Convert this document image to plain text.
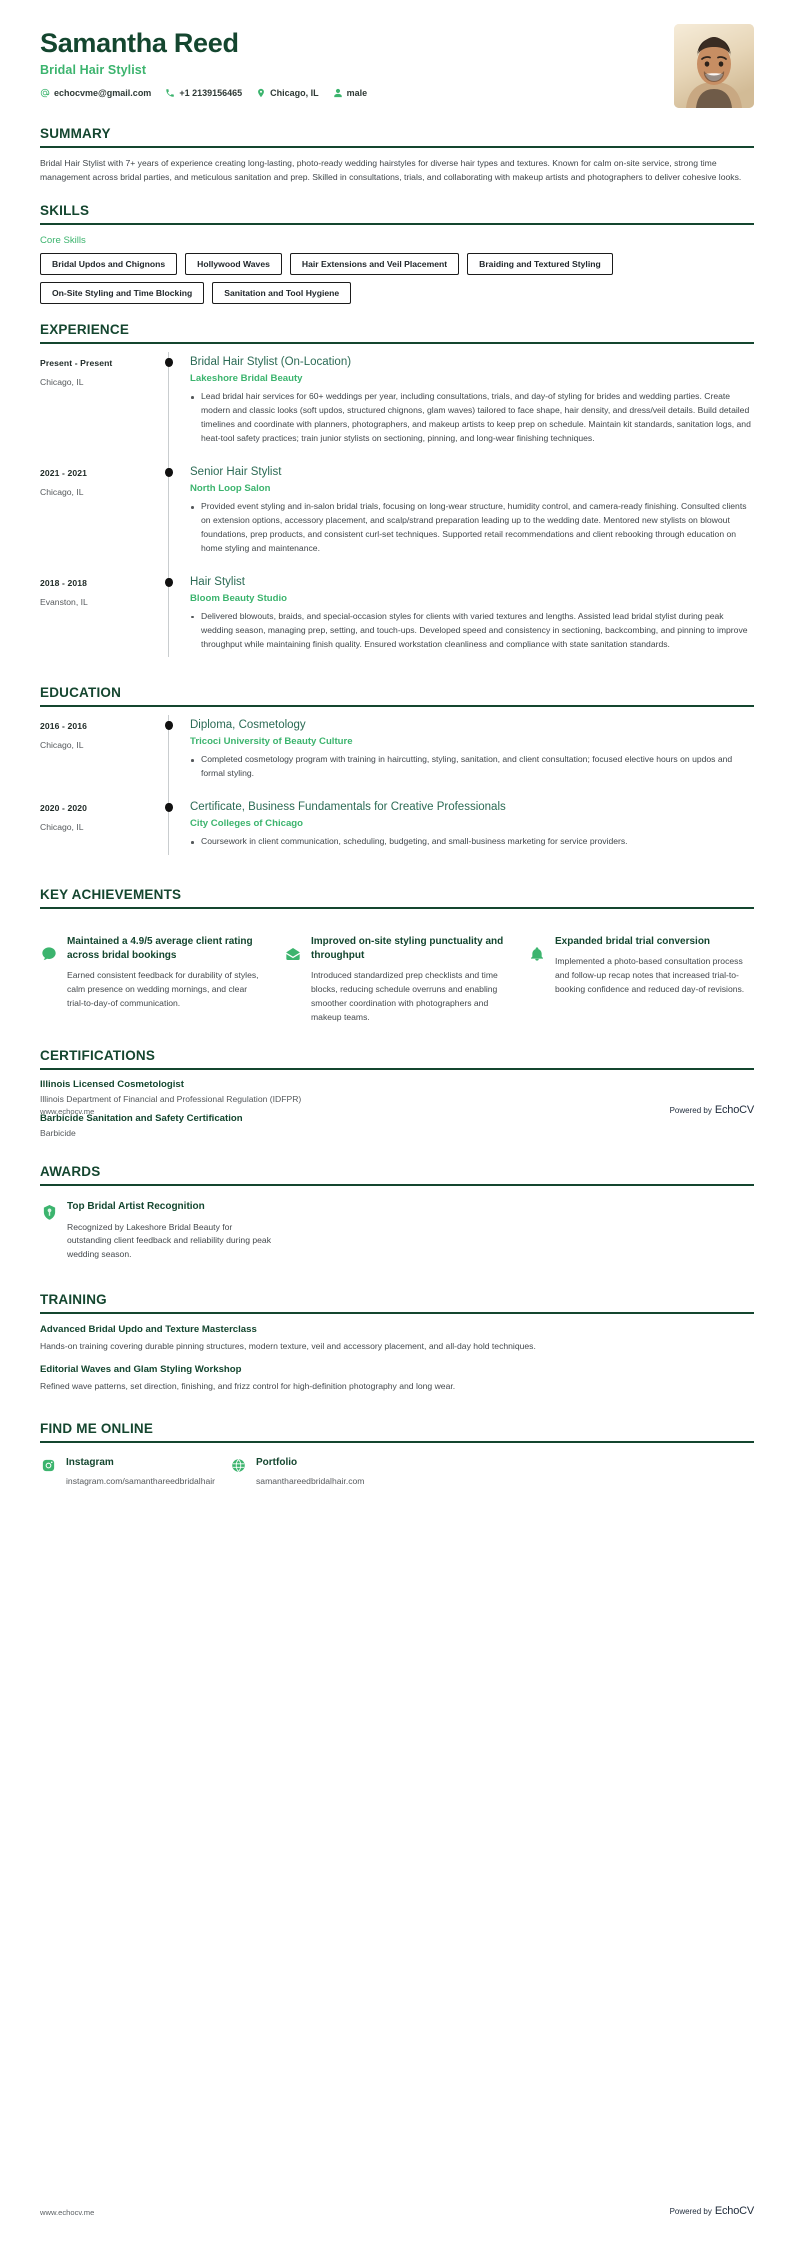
Samantha Reed
Bridal Hair Stylist
echocvme@gmail.com	+1 2139156465	Chicago, IL	male
SUMMARY
Bridal Hair Stylist with 7+ years of experience creating long-lasting, photo-ready wedding hairstyles for diverse hair types and textures. Known for calm on-site service, strong time management across bridal parties, and meticulous sanitation and prep. Skilled in consultations, trials, and collaborating with makeup artists and photographers to deliver cohesive looks.
SKILLS
Core Skills
Bridal Updos and Chignons	Hollywood Waves	Hair Extensions and Veil Placement	Braiding and Textured Styling
On-Site Styling and Time Blocking	Sanitation and Tool Hygiene
EXPERIENCE
Present - Present
Chicago, IL
Bridal Hair Stylist (On-Location)
Lakeshore Bridal Beauty
Lead bridal hair services for 60+ weddings per year, including consultations, trials, and day-of styling for brides and wedding parties. Create modern and classic looks (soft updos, structured chignons, glam waves) tailored to face shape, hair density, and dress/veil details. Build detailed timelines and coordinate with planners, photographers, and makeup artists to keep prep on schedule. Maintain kit standards, sanitation logs, and heat-tool safety practices; train junior stylists on sectioning, pinning, and long-wear finishing techniques.
2021 - 2021
Chicago, IL
Senior Hair Stylist
North Loop Salon
Provided event styling and in-salon bridal trials, focusing on long-wear structure, humidity control, and camera-ready finishing. Consulted clients on extension options, accessory placement, and scalp/strand preparation leading up to the wedding date. Mentored new stylists on blowout foundations, prep products, and consistent curl-set techniques. Supported retail recommendations and client rebooking through education on home styling and maintenance.
2018 - 2018
Evanston, IL
Hair Stylist
Bloom Beauty Studio
Delivered blowouts, braids, and special-occasion styles for clients with varied textures and lengths. Assisted lead bridal stylist during peak wedding season, managing prep, setting, and touch-ups. Developed speed and consistency in sectioning, backcombing, and pinning to improve throughput while maintaining finish quality. Ensured workstation cleanliness and compliance with state sanitation standards.
EDUCATION
2016 - 2016
Chicago, IL
Diploma, Cosmetology
Tricoci University of Beauty Culture
Completed cosmetology program with training in haircutting, styling, sanitation, and client consultation; focused elective hours on updos and formal styling.
2020 - 2020
Chicago, IL
Certificate, Business Fundamentals for Creative Professionals
City Colleges of Chicago
Coursework in client communication, scheduling, budgeting, and small-business marketing for service providers.
KEY ACHIEVEMENTS
Maintained a 4.9/5 average client rating across bridal bookings
Earned consistent feedback for durability of styles, calm presence on wedding mornings, and clear trial-to-day-of communication.
Improved on-site styling punctuality and throughput
Introduced standardized prep checklists and time blocks, reducing schedule overruns and enabling smoother coordination with photographers and makeup teams.
Expanded bridal trial conversion
Implemented a photo-based consultation process and follow-up recap notes that increased trial-to-booking confidence and reduced day-of revisions.
CERTIFICATIONS
Illinois Licensed Cosmetologist
Illinois Department of Financial and Professional Regulation (IDFPR)
Barbicide Sanitation and Safety Certification
Barbicide
AWARDS
Top Bridal Artist Recognition
Recognized by Lakeshore Bridal Beauty for outstanding client feedback and reliability during peak wedding season.
TRAINING
Advanced Bridal Updo and Texture Masterclass
Hands-on training covering durable pinning structures, modern texture, veil and accessory placement, and all-day hold techniques.
Editorial Waves and Glam Styling Workshop
Refined wave patterns, set direction, finishing, and frizz control for high-definition photography and long wear.
FIND ME ONLINE
Instagram
instagram.com/samanthareedbridalhair
Portfolio
samanthareedbridalhair.com
www.echocv.me	Powered by EchoCV
www.echocv.me	Powered by EchoCV
